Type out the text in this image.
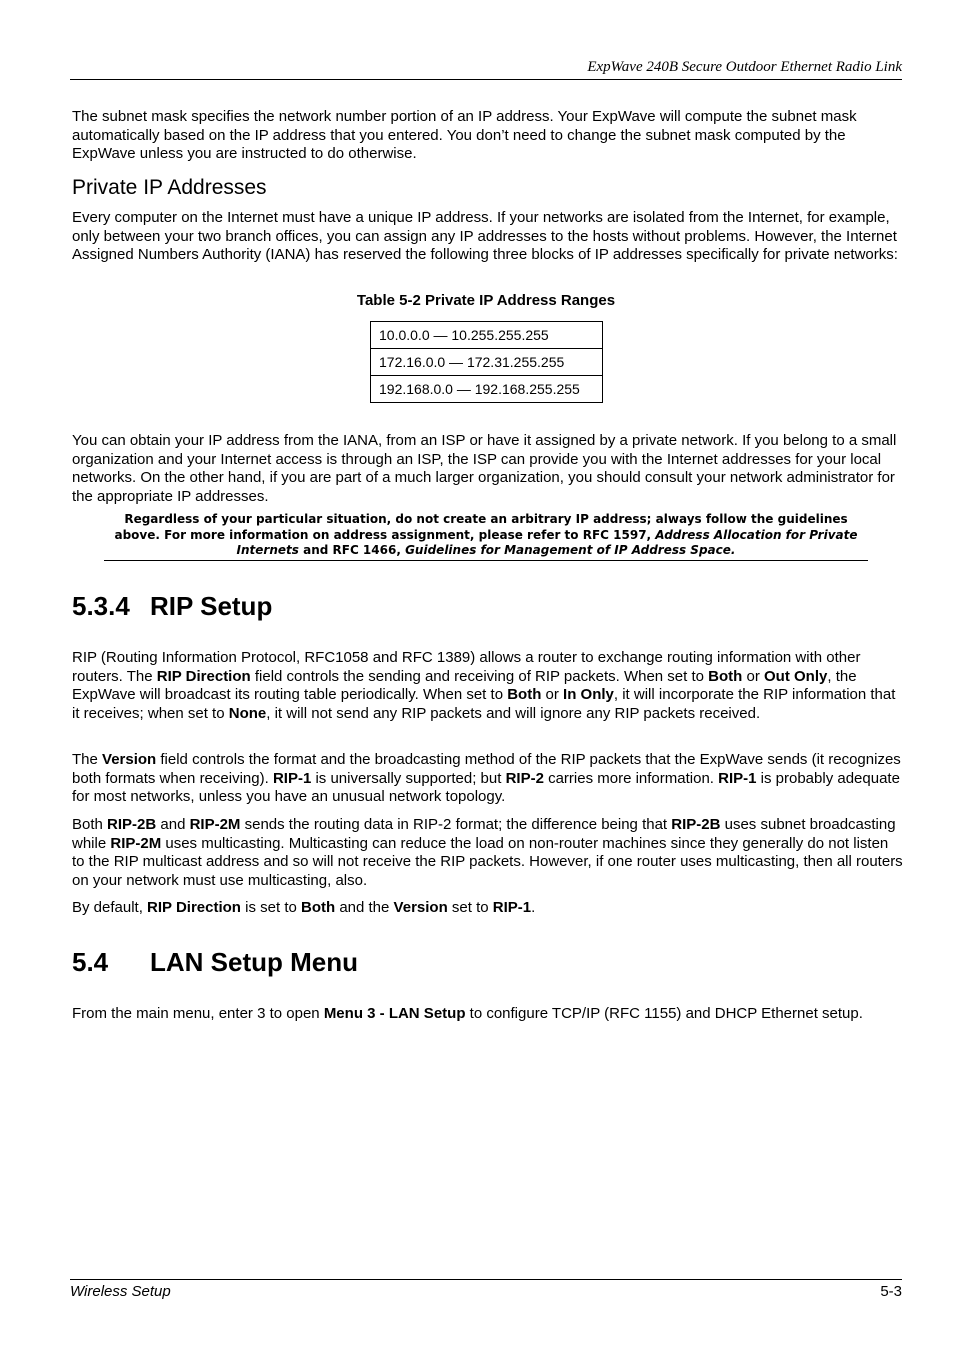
ExpWave 240B Secure Outdoor Ethernet Radio Link
The subnet mask specifies the network number portion of an IP address. Your ExpWave will compute the subnet mask automatically based on the IP address that you entered. You don’t need to change the subnet mask computed by the ExpWave unless you are instructed to do otherwise.
Private IP Addresses
Every computer on the Internet must have a unique IP address. If your networks are isolated from the Internet, for example, only between your two branch offices, you can assign any IP addresses to the hosts without problems. However, the Internet Assigned Numbers Authority (IANA) has reserved the following three blocks of IP addresses specifically for private networks:
Table 5-2 Private IP Address Ranges
10.0.0.0 — 10.255.255.255
172.16.0.0 — 172.31.255.255
192.168.0.0 — 192.168.255.255
You can obtain your IP address from the IANA, from an ISP or have it assigned by a private network. If you belong to a small organization and your Internet access is through an ISP, the ISP can provide you with the Internet addresses for your local networks. On the other hand, if you are part of a much larger organization, you should consult your network administrator for the appropriate IP addresses.
Regardless of your particular situation, do not create an arbitrary IP address; always follow the guidelines above. For more information on address assignment, please refer to RFC 1597, Address Allocation for Private Internets and RFC 1466, Guidelines for Management of IP Address Space.
5.3.4 RIP Setup
RIP (Routing Information Protocol, RFC1058 and RFC 1389) allows a router to exchange routing information with other routers. The RIP Direction field controls the sending and receiving of RIP packets. When set to Both or Out Only, the ExpWave will broadcast its routing table periodically. When set to Both or In Only, it will incorporate the RIP information that it receives; when set to None, it will not send any RIP packets and will ignore any RIP packets received.
The Version field controls the format and the broadcasting method of the RIP packets that the ExpWave sends (it recognizes both formats when receiving). RIP-1 is universally supported; but RIP-2 carries more information. RIP-1 is probably adequate for most networks, unless you have an unusual network topology.
Both RIP-2B and RIP-2M sends the routing data in RIP-2 format; the difference being that RIP-2B uses subnet broadcasting while RIP-2M uses multicasting. Multicasting can reduce the load on non-router machines since they generally do not listen to the RIP multicast address and so will not receive the RIP packets. However, if one router uses multicasting, then all routers on your network must use multicasting, also.
By default, RIP Direction is set to Both and the Version set to RIP-1.
5.4 LAN Setup Menu
From the main menu, enter 3 to open Menu 3 - LAN Setup to configure TCP/IP (RFC 1155) and DHCP Ethernet setup.
Wireless Setup	5-3
